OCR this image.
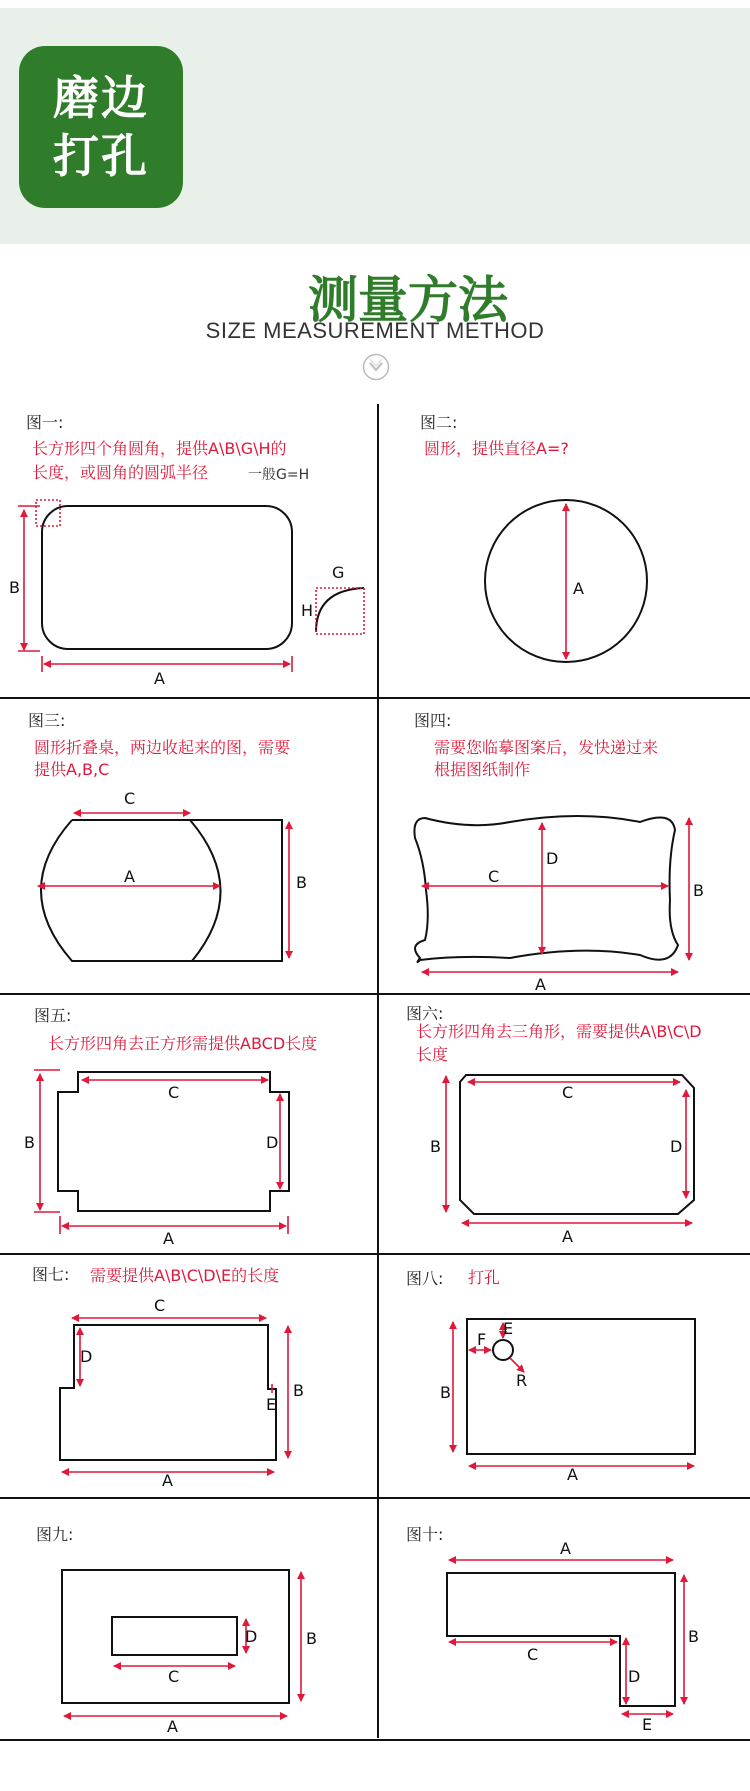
磨边
打孔
测量方法
SIZE MEASUREMENT METHOD
B
A
G
H
A
C
A	B
D
C
B
A
C
B	D
A
C
B	D
A
C
D
B
E
A
F
E
R
B
A
D
C
B
A
A
C
B
D
E
图一:
长方形四个角圆角，提供A\B\G\H的
长度，或圆角的圆弧半径	一般G=H
图二:
圆形，提供直径A=?
图三:
圆形折叠桌，两边收起来的图，需要
提供A,B,C
图四:
需要您临摹图案后，发快递过来
根据图纸制作
图五:
长方形四角去正方形需提供ABCD长度
图六:
长方形四角去三角形，需要提供A\B\C\D
长度
图七: 需要提供A\B\C\D\E的长度	图八: 打孔
图九:	图十:
